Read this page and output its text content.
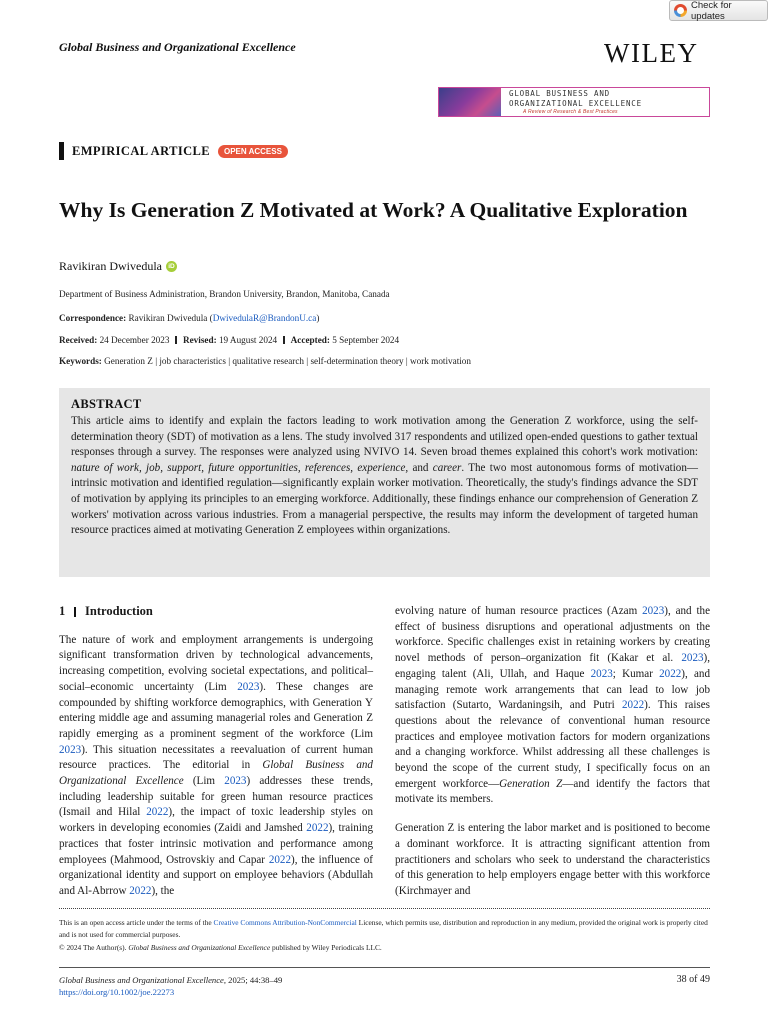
Check for updates
Global Business and Organizational Excellence	WILEY
GLOBAL BUSINESS AND
ORGANIZATIONAL EXCELLENCE
A Review of Research & Best Practices
EMPIRICAL ARTICLE	OPEN ACCESS
Why Is Generation Z Motivated at Work? A Qualitative Exploration
Ravikiran Dwivedula iD
Department of Business Administration, Brandon University, Brandon, Manitoba, Canada
Correspondence: Ravikiran Dwivedula (DwivedulaR@BrandonU.ca)
Received: 24 December 2023 Revised: 19 August 2024 Accepted: 5 September 2024
Keywords: Generation Z | job characteristics | qualitative research | self-determination theory | work motivation
ABSTRACT
This article aims to identify and explain the factors leading to work motivation among the Generation Z workforce, using the self-determination theory (SDT) of motivation as a lens. The study involved 317 respondents and utilized open-ended questions to gather textual responses through a survey. The responses were analyzed using NVIVO 14. Seven broad themes explained this cohort's work motivation: nature of work, job, support, future opportunities, references, experience, and career. The two most autonomous forms of motivation—intrinsic motivation and identified regulation—significantly explain worker motivation. Theoretically, the study's findings advance the SDT of motivation by applying its principles to an emerging workforce. Additionally, these findings enhance our comprehension of Generation Z workers' motivation across various industries. From a managerial perspective, the results may inform the development of targeted human resource practices aimed at motivating Generation Z employees within organizations.
1 Introduction

The nature of work and employment arrangements is undergoing significant transformation driven by technological advancements, increasing competition, evolving societal expectations, and political–social–economic uncertainty (Lim 2023). These changes are compounded by shifting workforce demographics, with Generation Y entering middle age and assuming managerial roles and Generation Z rapidly emerging as a prominent segment of the workforce (Lim 2023). This situation necessitates a reevaluation of current human resource practices. The editorial in Global Business and Organizational Excellence (Lim 2023) addresses these trends, including leadership suitable for green human resource practices (Ismail and Hilal 2022), the impact of toxic leadership styles on workers in developing economies (Zaidi and Jamshed 2022), training practices that foster intrinsic motivation and performance among employees (Mahmood, Ostrovskiy and Capar 2022), the influence of organizational identity and support on employee behaviors (Abdullah and Al-Abrrow 2022), the

evolving nature of human resource practices (Azam 2023), and the effect of business disruptions and operational adjustments on the workforce. Specific challenges exist in retaining workers by creating novel methods of person–organization fit (Kakar et al. 2023), engaging talent (Ali, Ullah, and Haque 2023; Kumar 2022), and managing remote work arrangements that can lead to low job satisfaction (Sutarto, Wardaningsih, and Putri 2022). This raises questions about the relevance of conventional human resource practices and employee motivation factors for modern organizations and a changing workforce. Whilst addressing all these challenges is beyond the scope of the current study, I specifically focus on an emergent workforce—Generation Z—and identify the factors that motivate its members.

Generation Z is entering the labor market and is positioned to become a dominant workforce. It is attracting significant attention from practitioners and scholars who seek to understand the characteristics of this generation to help employers engage better with this workforce (Kirchmayer and

This is an open access article under the terms of the Creative Commons Attribution-NonCommercial License, which permits use, distribution and reproduction in any medium, provided the original work is properly cited and is not used for commercial purposes.
© 2024 The Author(s). Global Business and Organizational Excellence published by Wiley Periodicals LLC.
Global Business and Organizational Excellence, 2025; 44:38–49
https://doi.org/10.1002/joe.22273
38 of 49
